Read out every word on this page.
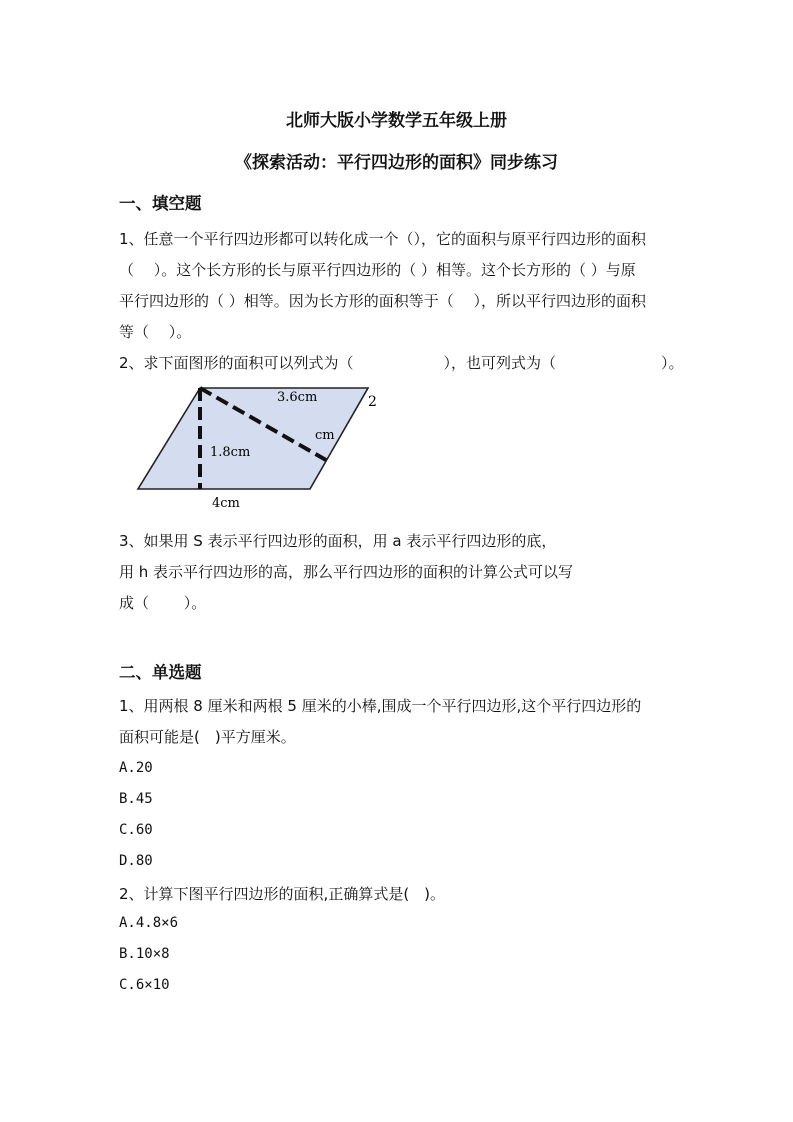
北师大版小学数学五年级上册
《探索活动：平行四边形的面积》同步练习
一、填空题
1、任意一个平行四边形都可以转化成一个（），它的面积与原平行四边形的面积
（　 ）。这个长方形的长与原平行四边形的（ ）相等。这个长方形的（ ）与原
平行四边形的（ ）相等。因为长方形的面积等于（　 ），所以平行四边形的面积
等（　 ）。
2、求下面图形的面积可以列式为（　　　　　　），也可列式为（　　　　　　　）。
3.6cm	2
cm
1.8cm
4cm
3、如果用 S 表示平行四边形的面积，用 a 表示平行四边形的底，
用 h 表示平行四边形的高，那么平行四边形的面积的计算公式可以写
成（　　 ）。
二、单选题
1、用两根 8 厘米和两根 5 厘米的小棒,围成一个平行四边形,这个平行四边形的
面积可能是(　)平方厘米。
A.20
B.45
C.60
D.80
2、计算下图平行四边形的面积,正确算式是(　)。
A.4.8×6
B.10×8
C.6×10
